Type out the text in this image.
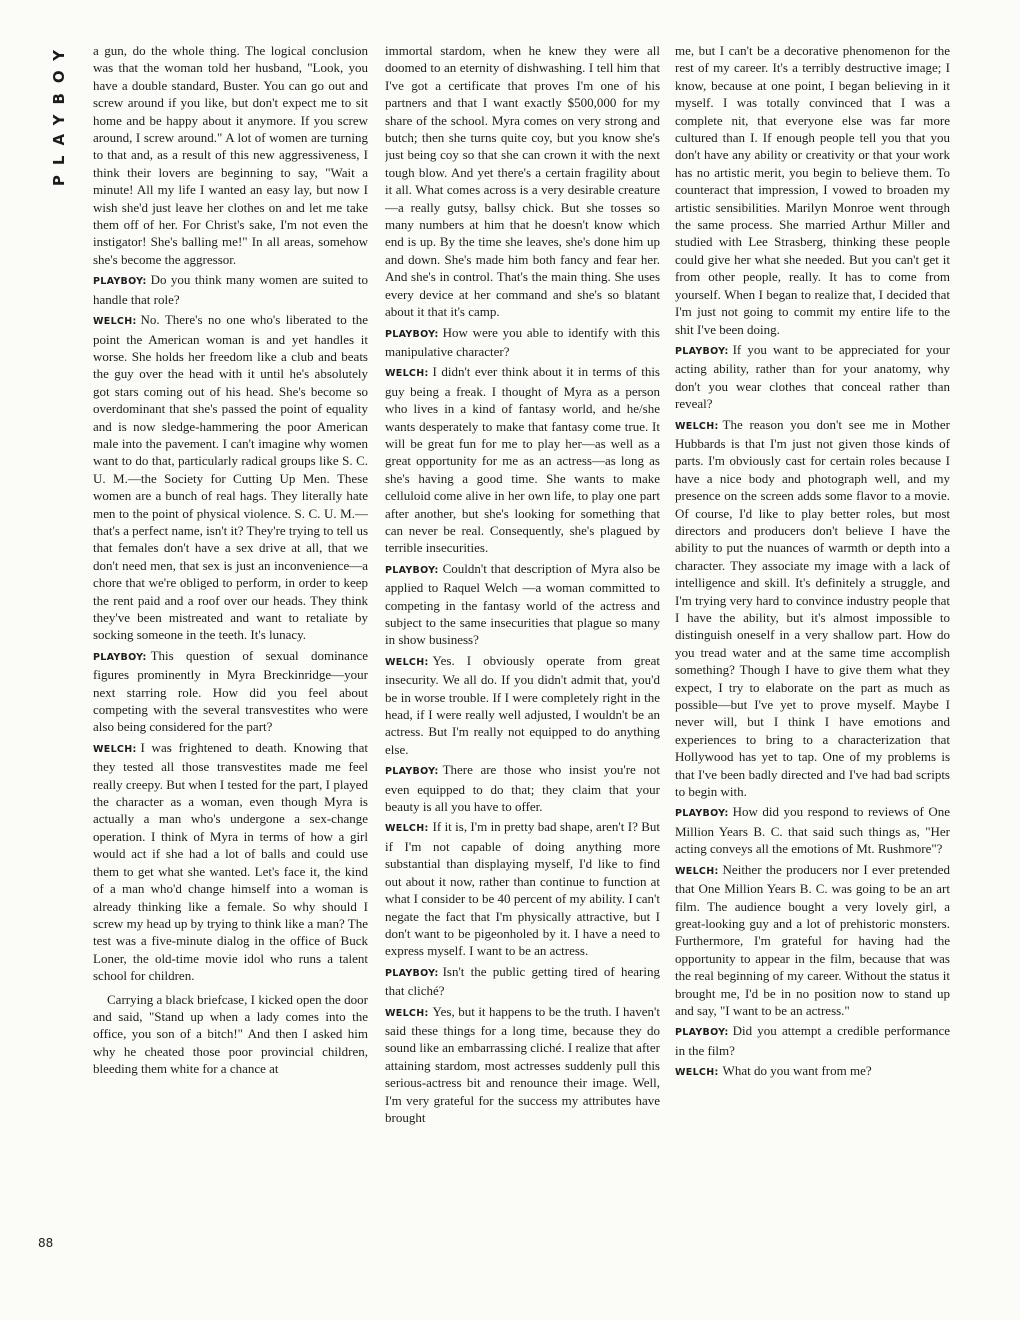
PLAYBOY a gun, do the whole thing. The logical conclusion was that the woman told her husband, "Look, you have a double standard, Buster. You can go out and screw around if you like, but don't expect me to sit home and be happy about it anymore. If you screw around, I screw around." A lot of women are turning to that and, as a result of this new aggressiveness, I think their lovers are beginning to say, "Wait a minute! All my life I wanted an easy lay, but now I wish she'd just leave her clothes on and let me take them off of her. For Christ's sake, I'm not even the instigator! She's balling me!" In all areas, somehow she's become the aggressor.

PLAYBOY: Do you think many women are suited to handle that role?

WELCH: No. There's no one who's liberated to the point the American woman is and yet handles it worse. She holds her freedom like a club and beats the guy over the head with it until he's absolutely got stars coming out of his head. She's become so overdominant that she's passed the point of equality and is now sledge-hammering the poor American male into the pavement. I can't imagine why women want to do that, particularly radical groups like S. C. U. M.—the Society for Cutting Up Men. These women are a bunch of real hags. They literally hate men to the point of physical violence. S. C. U. M.—that's a perfect name, isn't it? They're trying to tell us that females don't have a sex drive at all, that we don't need men, that sex is just an inconvenience—a chore that we're obliged to perform, in order to keep the rent paid and a roof over our heads. They think they've been mistreated and want to retaliate by socking someone in the teeth. It's lunacy.

PLAYBOY: This question of sexual dominance figures prominently in Myra Breckinridge—your next starring role. How did you feel about competing with the several transvestites who were also being considered for the part?

WELCH: I was frightened to death. Knowing that they tested all those transvestites made me feel really creepy. But when I tested for the part, I played the character as a woman, even though Myra is actually a man who's undergone a sex-change operation. I think of Myra in terms of how a girl would act if she had a lot of balls and could use them to get what she wanted. Let's face it, the kind of a man who'd change himself into a woman is already thinking like a female. So why should I screw my head up by trying to think like a man? The test was a five-minute dialog in the office of Buck Loner, the old-time movie idol who runs a talent school for children.

Carrying a black briefcase, I kicked open the door and said, "Stand up when a lady comes into the office, you son of a bitch!" And then I asked him why he cheated those poor provincial children, bleeding them white for a chance at

immortal stardom, when he knew they were all doomed to an eternity of dishwashing. I tell him that I've got a certificate that proves I'm one of his partners and that I want exactly $500,000 for my share of the school. Myra comes on very strong and butch; then she turns quite coy, but you know she's just being coy so that she can crown it with the next tough blow. And yet there's a certain fragility about it all. What comes across is a very desirable creature—a really gutsy, ballsy chick. But she tosses so many numbers at him that he doesn't know which end is up. By the time she leaves, she's done him up and down. She's made him both fancy and fear her. And she's in control. That's the main thing. She uses every device at her command and she's so blatant about it that it's camp.

PLAYBOY: How were you able to identify with this manipulative character?

WELCH: I didn't ever think about it in terms of this guy being a freak. I thought of Myra as a person who lives in a kind of fantasy world, and he/she wants desperately to make that fantasy come true. It will be great fun for me to play her—as well as a great opportunity for me as an actress—as long as she's having a good time. She wants to make celluloid come alive in her own life, to play one part after another, but she's looking for something that can never be real. Consequently, she's plagued by terrible insecurities.

PLAYBOY: Couldn't that description of Myra also be applied to Raquel Welch —a woman committed to competing in the fantasy world of the actress and subject to the same insecurities that plague so many in show business?

WELCH: Yes. I obviously operate from great insecurity. We all do. If you didn't admit that, you'd be in worse trouble. If I were completely right in the head, if I were really well adjusted, I wouldn't be an actress. But I'm really not equipped to do anything else.

PLAYBOY: There are those who insist you're not even equipped to do that; they claim that your beauty is all you have to offer.

WELCH: If it is, I'm in pretty bad shape, aren't I? But if I'm not capable of doing anything more substantial than displaying myself, I'd like to find out about it now, rather than continue to function at what I consider to be 40 percent of my ability. I can't negate the fact that I'm physically attractive, but I don't want to be pigeonholed by it. I have a need to express myself. I want to be an actress.

PLAYBOY: Isn't the public getting tired of hearing that cliché?

WELCH: Yes, but it happens to be the truth. I haven't said these things for a long time, because they do sound like an embarrassing cliché. I realize that after attaining stardom, most actresses suddenly pull this serious-actress bit and renounce their image. Well, I'm very grateful for the success my attributes have brought

me, but I can't be a decorative phenomenon for the rest of my career. It's a terribly destructive image; I know, because at one point, I began believing in it myself. I was totally convinced that I was a complete nit, that everyone else was far more cultured than I. If enough people tell you that you don't have any ability or creativity or that your work has no artistic merit, you begin to believe them. To counteract that impression, I vowed to broaden my artistic sensibilities. Marilyn Monroe went through the same process. She married Arthur Miller and studied with Lee Strasberg, thinking these people could give her what she needed. But you can't get it from other people, really. It has to come from yourself. When I began to realize that, I decided that I'm just not going to commit my entire life to the shit I've been doing.

PLAYBOY: If you want to be appreciated for your acting ability, rather than for your anatomy, why don't you wear clothes that conceal rather than reveal?

WELCH: The reason you don't see me in Mother Hubbards is that I'm just not given those kinds of parts. I'm obviously cast for certain roles because I have a nice body and photograph well, and my presence on the screen adds some flavor to a movie. Of course, I'd like to play better roles, but most directors and producers don't believe I have the ability to put the nuances of warmth or depth into a character. They associate my image with a lack of intelligence and skill. It's definitely a struggle, and I'm trying very hard to convince industry people that I have the ability, but it's almost impossible to distinguish oneself in a very shallow part. How do you tread water and at the same time accomplish something? Though I have to give them what they expect, I try to elaborate on the part as much as possible—but I've yet to prove myself. Maybe I never will, but I think I have emotions and experiences to bring to a characterization that Hollywood has yet to tap. One of my problems is that I've been badly directed and I've had bad scripts to begin with.

PLAYBOY: How did you respond to reviews of One Million Years B. C. that said such things as, "Her acting conveys all the emotions of Mt. Rushmore"?

WELCH: Neither the producers nor I ever pretended that One Million Years B. C. was going to be an art film. The audience bought a very lovely girl, a great-looking guy and a lot of prehistoric monsters. Furthermore, I'm grateful for having had the opportunity to appear in the film, because that was the real beginning of my career. Without the status it brought me, I'd be in no position now to stand up and say, "I want to be an actress."

PLAYBOY: Did you attempt a credible performance in the film?

WELCH: What do you want from me?

88
